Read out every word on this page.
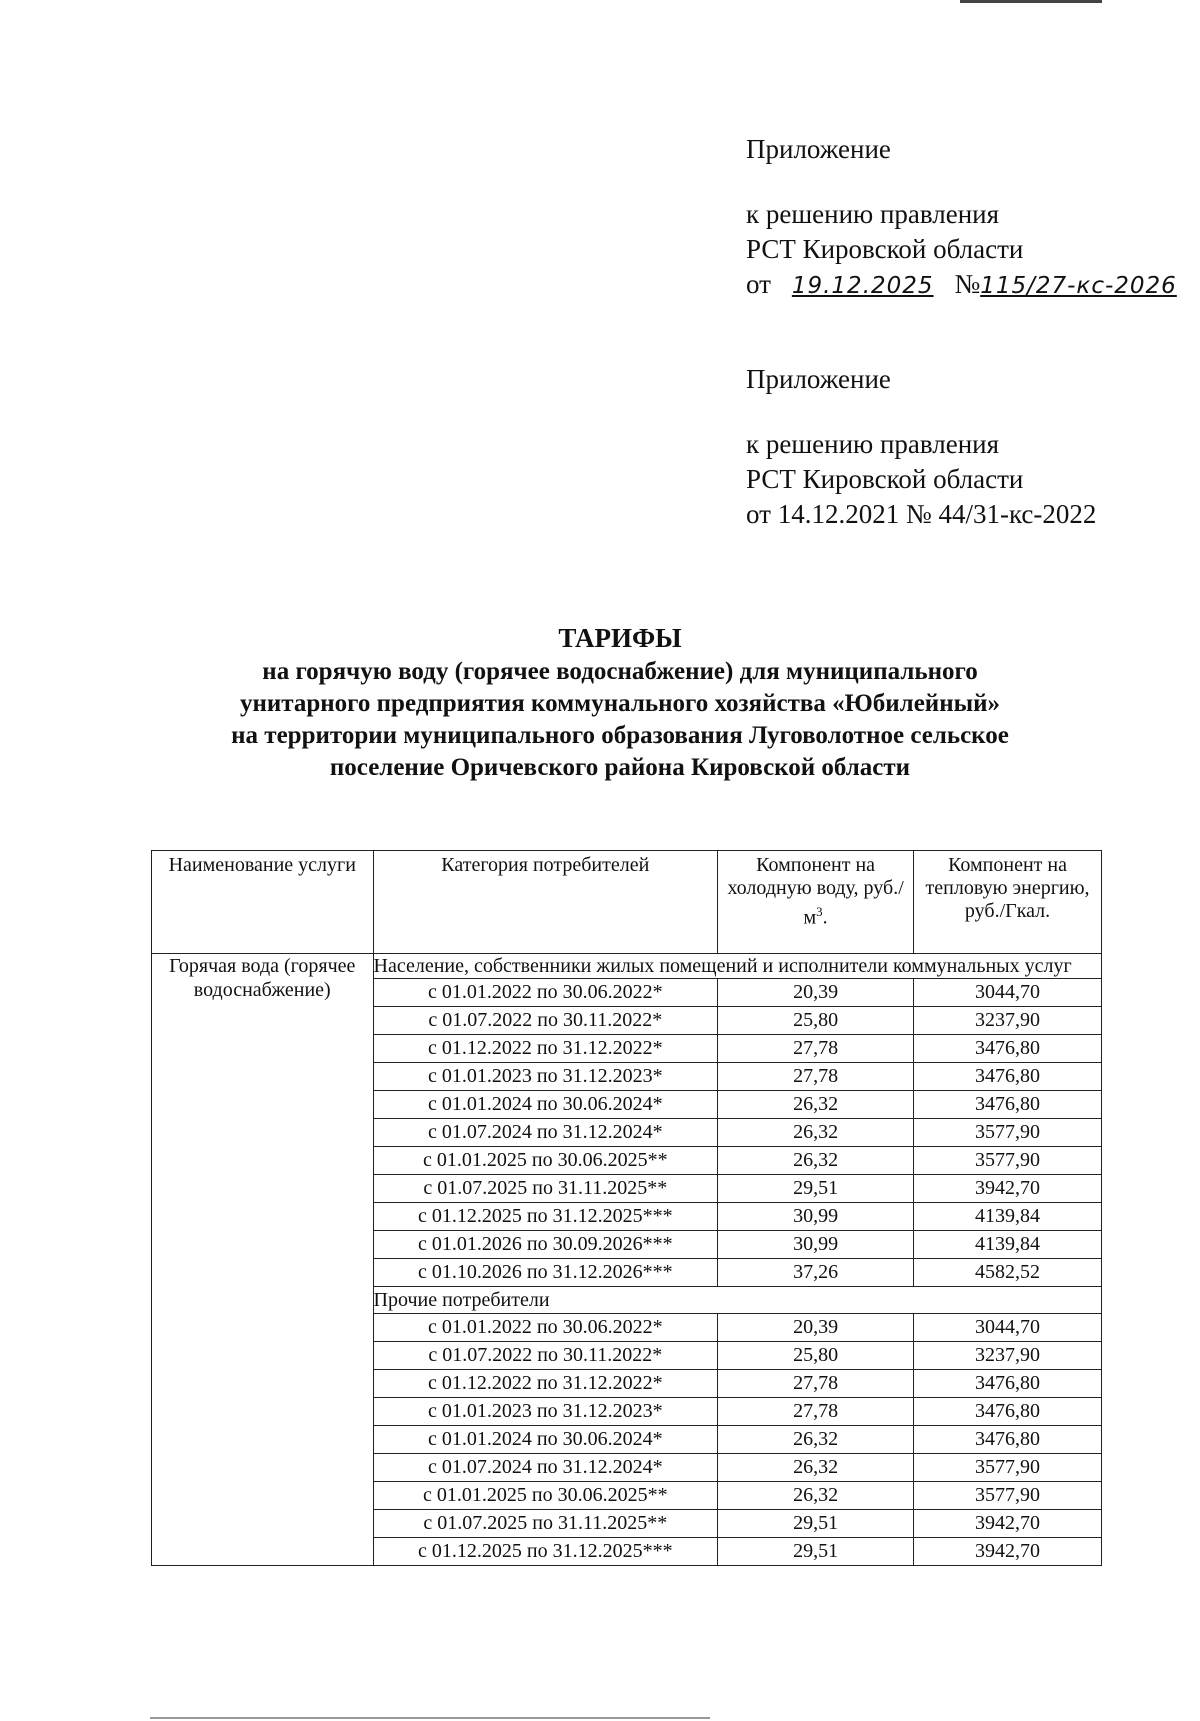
Приложение
к решению правления
РСТ Кировской области
от 19.12.2025 №115/27-кс-2026
Приложение
к решению правления
РСТ Кировской области
от 14.12.2021 № 44/31-кс-2022
ТАРИФЫ
на горячую воду (горячее водоснабжение) для муниципального
унитарного предприятия коммунального хозяйства «Юбилейный»
на территории муниципального образования Луговолотное сельское
поселение Оричевского района Кировской области
Наименование услуги	Категория потребителей	Компонент на холодную воду, $руб./м^3$.	Компонент на тепловую энергию, руб./Гкал.
Горячая вода (горячее водоснабжение)	Население, собственники жилых помещений и исполнители коммунальных услуг		
	с 01.01.2022 по 30.06.2022*	20,39	3044,70
	с 01.07.2022 по 30.11.2022*	25,80	3237,90
	с 01.12.2022 по 31.12.2022*	27,78	3476,80
	с 01.01.2023 по 31.12.2023*	27,78	3476,80
	с 01.01.2024 по 30.06.2024*	26,32	3476,80
	с 01.07.2024 по 31.12.2024*	26,32	3577,90
	с 01.01.2025 по 30.06.2025**	26,32	3577,90
	с 01.07.2025 по 31.11.2025**	29,51	3942,70
	с 01.12.2025 по 31.12.2025***	30,99	4139,84
	с 01.01.2026 по 30.09.2026***	30,99	4139,84
	с 01.10.2026 по 31.12.2026***	37,26	4582,52
	Прочие потребители		
	с 01.01.2022 по 30.06.2022*	20,39	3044,70
	с 01.07.2022 по 30.11.2022*	25,80	3237,90
	с 01.12.2022 по 31.12.2022*	27,78	3476,80
	с 01.01.2023 по 31.12.2023*	27,78	3476,80
	с 01.01.2024 по 30.06.2024*	26,32	3476,80
	с 01.07.2024 по 31.12.2024*	26,32	3577,90
	с 01.01.2025 по 30.06.2025**	26,32	3577,90
	с 01.07.2025 по 31.11.2025**	29,51	3942,70
	с 01.12.2025 по 31.12.2025***	29,51	3942,70
